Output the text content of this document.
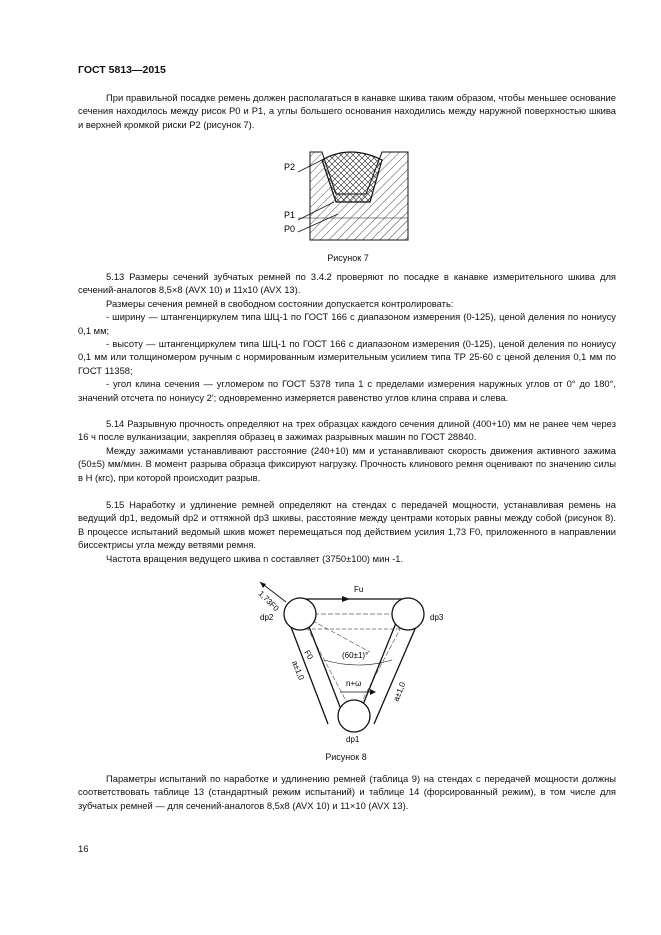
ГОСТ 5813—2015

При правильной посадке ремень должен располагаться в канавке шкива таким образом, чтобы меньшее основание сечения находилось между рисок P0 и P1, а углы большего основания находились между наружной поверхностью шкива и верхней кромкой риски P2 (рисунок 7).

P2
P1
P0
Рисунок 7

5.13 Размеры сечений зубчатых ремней по 3.4.2 проверяют по посадке в канавке измерительного шкива для сечений-аналогов 8,5×8 (AVX 10) и 11x10 (AVX 13).

Размеры сечения ремней в свободном состоянии допускается контролировать:

- ширину — штангенциркулем типа ШЦ-1 по ГОСТ 166 с диапазоном измерения (0-125), ценой деления по нониусу 0,1 мм;

- высоту — штангенциркулем типа ШЦ-1 по ГОСТ 166 с диапазоном измерения (0-125), ценой деления по нониусу 0,1 мм или толщиномером ручным с нормированным измерительным усилием типа ТР 25-60 с ценой деления 0,1 мм по ГОСТ 11358;

- угол клина сечения — угломером по ГОСТ 5378 типа 1 с пределами измерения наружных углов от 0° до 180°, значений отсчета по нониусу 2′; одновременно измеряется равенство углов клина справа и слева.

5.14 Разрывную прочность определяют на трех образцах каждого сечения длиной (400+10) мм не ранее чем через 16 ч после вулканизации, закрепляя образец в зажимах разрывных машин по ГОСТ 28840.

Между зажимами устанавливают расстояние (240+10) мм и устанавливают скорость движения активного зажима (50±5) мм/мин. В момент разрыва образца фиксируют нагрузку. Прочность клинового ремня оценивают по значению силы в Н (кгс), при которой происходит разрыв.

5.15 Наработку и удлинение ремней определяют на стендах с передачей мощности, устанавливая ремень на ведущий dp1, ведомый dp2 и оттяжной dp3 шкивы, расстояние между центрами которых равны между собой (рисунок 8). В процессе испытаний ведомый шкив может перемещаться под действием усилия 1,73 F0, приложенного в направлении биссектрисы угла между ветвями ремня.

Частота вращения ведущего шкива n составляет (3750±100) мин -1.

1,73F0	Fu
F0
dp2	dp3
dp1
(60±1)°
n+ω
a±1,0
a±1,0
Рисунок 8

Параметры испытаний по наработке и удлинению ремней (таблица 9) на стендах с передачей мощности должны соответствовать таблице 13 (стандартный режим испытаний) и таблице 14 (форсированный режим), в том числе для зубчатых ремней — для сечений-аналогов 8,5x8 (AVX 10) и 11×10 (AVX 13).

16
